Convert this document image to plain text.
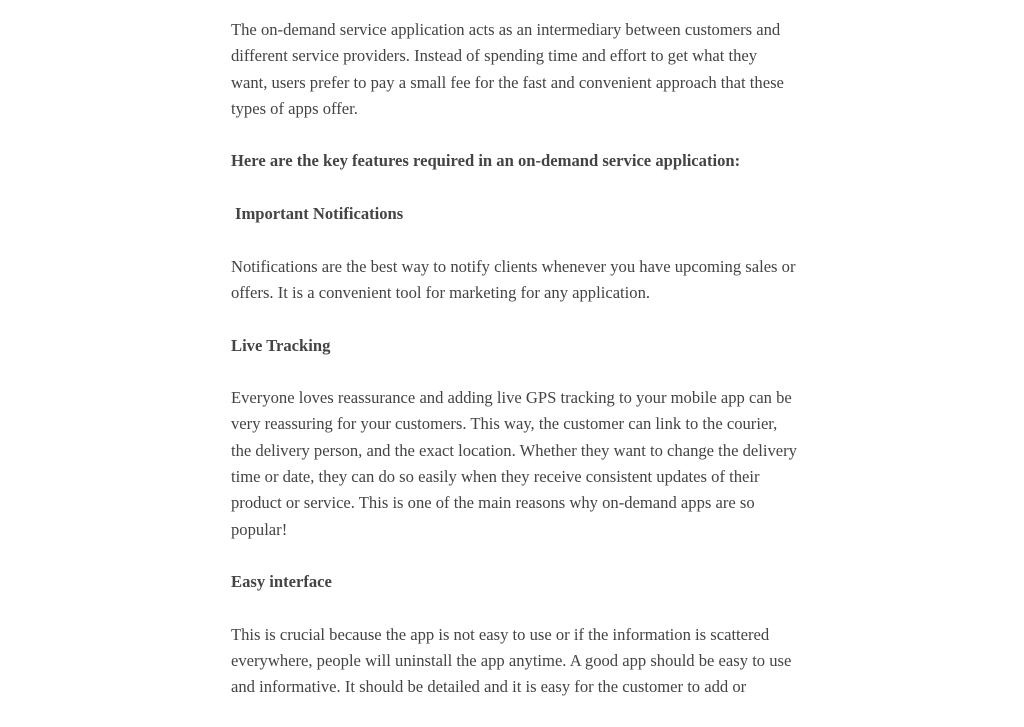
The on-demand service application acts as an intermediary between customers and different service providers. Instead of spending time and effort to get what they want, users prefer to pay a small fee for the fast and convenient approach that these types of apps offer.

Here are the key features required in an on-demand service application:

Important Notifications

Notifications are the best way to notify clients whenever you have upcoming sales or offers. It is a convenient tool for marketing for any application.

Live Tracking

Everyone loves reassurance and adding live GPS tracking to your mobile app can be very reassuring for your customers. This way, the customer can link to the courier, the delivery person, and the exact location. Whether they want to change the delivery time or date, they can do so easily when they receive consistent updates of their product or service. This is one of the main reasons why on-demand apps are so popular!

Easy interface

This is crucial because the app is not easy to use or if the information is scattered everywhere, people will uninstall the app anytime. A good app should be easy to use and informative. It should be detailed and it is easy for the customer to add or
